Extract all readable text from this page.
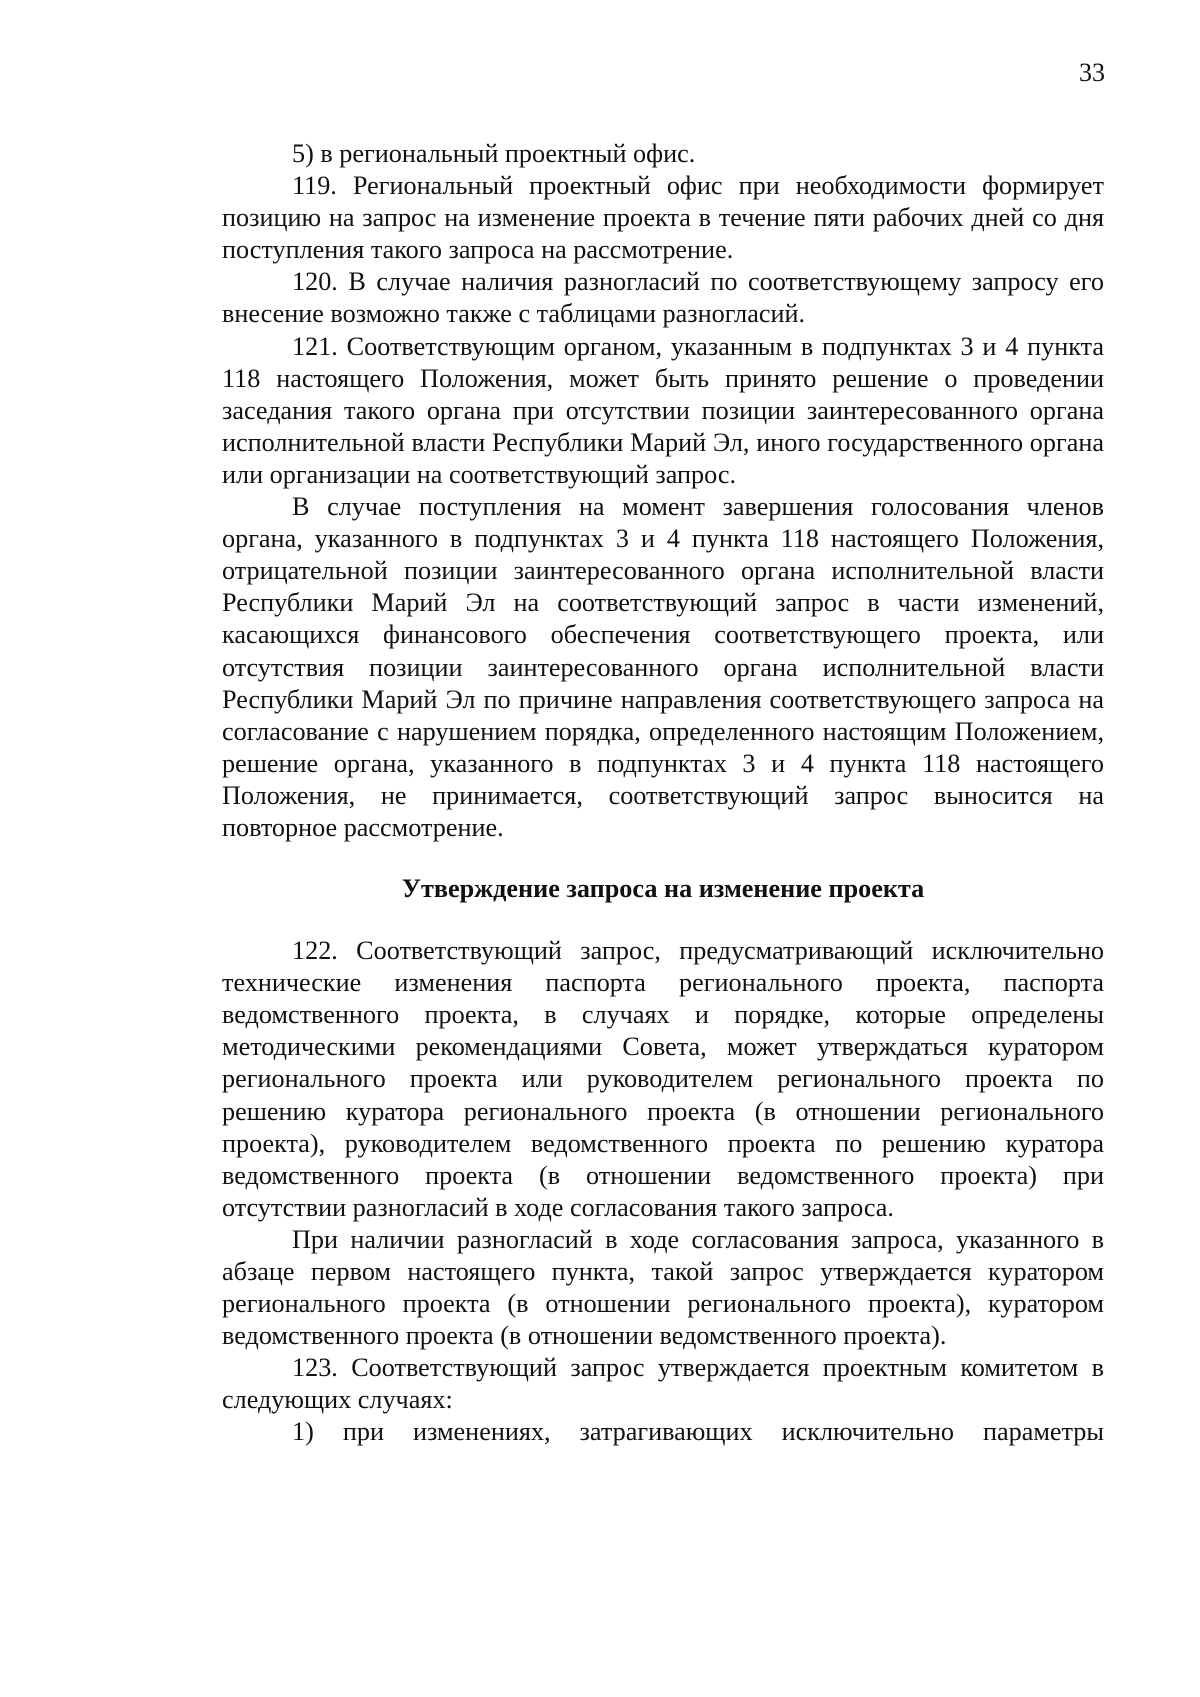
33

5) в региональный проектный офис.

119. Региональный проектный офис при необходимости формирует позицию на запрос на изменение проекта в течение пяти рабочих дней со дня поступления такого запроса на рассмотрение.

120. В случае наличия разногласий по соответствующему запросу его внесение возможно также с таблицами разногласий.

121. Соответствующим органом, указанным в подпунктах 3 и 4 пункта 118 настоящего Положения, может быть принято решение о проведении заседания такого органа при отсутствии позиции заинтересованного органа исполнительной власти Республики Марий Эл, иного государственного органа или организации на соответствующий запрос.

В случае поступления на момент завершения голосования членов органа, указанного в подпунктах 3 и 4 пункта 118 настоящего Положения, отрицательной позиции заинтересованного органа исполнительной власти Республики Марий Эл на соответствующий запрос в части изменений, касающихся финансового обеспечения соответствующего проекта, или отсутствия позиции заинтересованного органа исполнительной власти Республики Марий Эл по причине направления соответствующего запроса на согласование с нарушением порядка, определенного настоящим Положением, решение органа, указанного в подпунктах 3 и 4 пункта 118 настоящего Положения, не принимается, соответствующий запрос выносится на повторное рассмотрение.

Утверждение запроса на изменение проекта

122. Соответствующий запрос, предусматривающий исключительно технические изменения паспорта регионального проекта, паспорта ведомственного проекта, в случаях и порядке, которые определены методическими рекомендациями Совета, может утверждаться куратором регионального проекта или руководителем регионального проекта по решению куратора регионального проекта (в отношении регионального проекта), руководителем ведомственного проекта по решению куратора ведомственного проекта (в отношении ведомственного проекта) при отсутствии разногласий в ходе согласования такого запроса.

При наличии разногласий в ходе согласования запроса, указанного в абзаце первом настоящего пункта, такой запрос утверждается куратором регионального проекта (в отношении регионального проекта), куратором ведомственного проекта (в отношении ведомственного проекта).

123. Соответствующий запрос утверждается проектным комитетом в следующих случаях:

1) при изменениях, затрагивающих исключительно параметры
